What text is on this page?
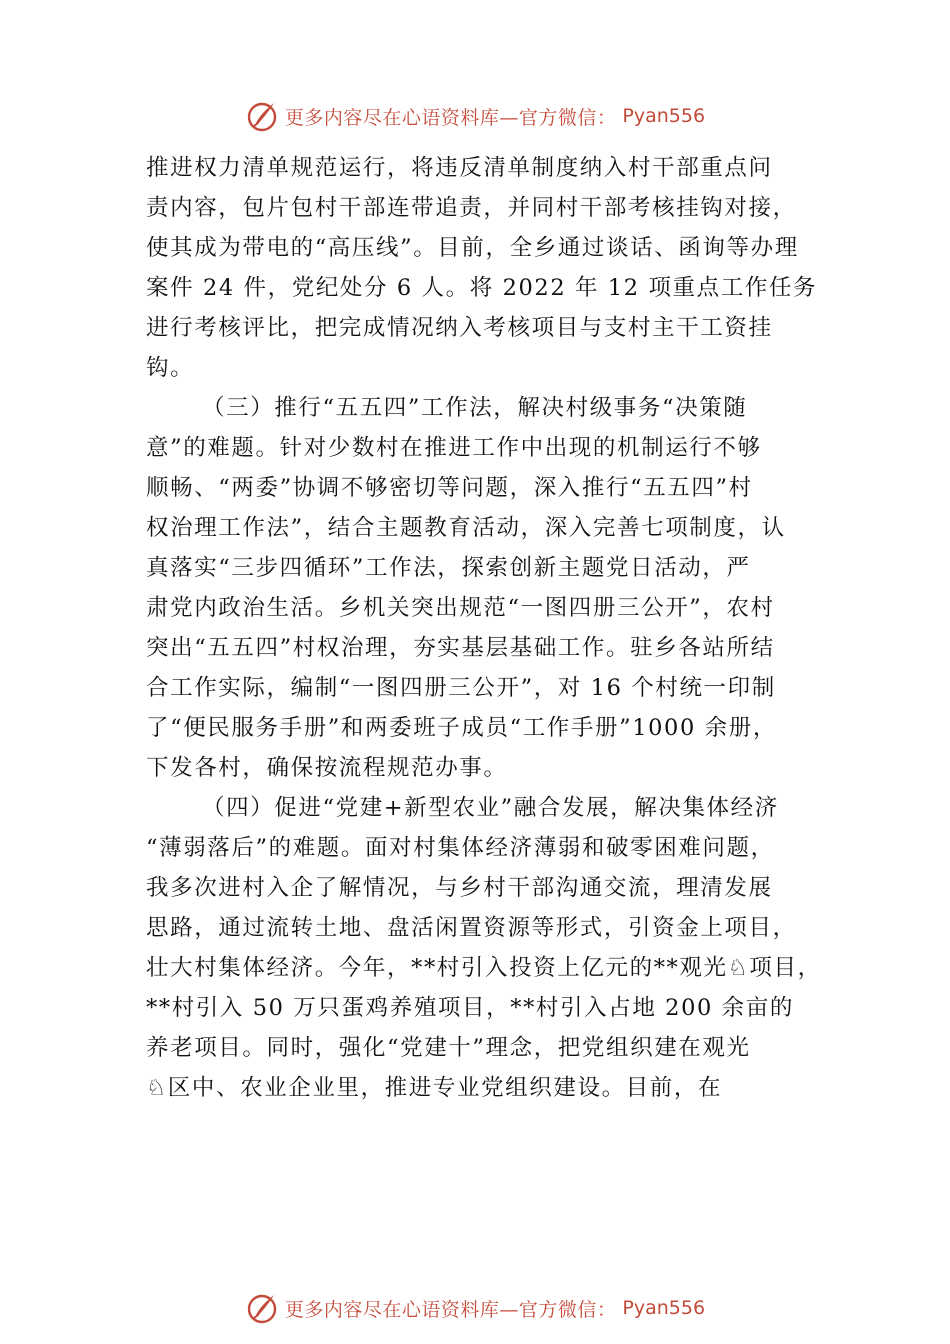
更多内容尽在心语资料库—官方微信： Pyan556
推进权力清单规范运行，将违反清单制度纳入村干部重点问
责内容，包片包村干部连带追责，并同村干部考核挂钩对接，
使其成为带电的“高压线”。目前，全乡通过谈话、函询等办理
案件 24 件，党纪处分 6 人。将 2022 年 12 项重点工作任务
进行考核评比，把完成情况纳入考核项目与支村主干工资挂
钩。
（三）推行“五五四”工作法，解决村级事务“决策随
意”的难题。针对少数村在推进工作中出现的机制运行不够
顺畅、“两委”协调不够密切等问题，深入推行“五五四”村
权治理工作法”，结合主题教育活动，深入完善七项制度，认
真落实“三步四循环”工作法，探索创新主题党日活动，严
肃党内政治生活。乡机关突出规范“一图四册三公开”，农村
突出“五五四”村权治理，夯实基层基础工作。驻乡各站所结
合工作实际，编制“一图四册三公开”，对 16 个村统一印制
了“便民服务手册”和两委班子成员“工作手册”1000 余册，
下发各村，确保按流程规范办事。
（四）促进“党建+新型农业”融合发展，解决集体经济
“薄弱落后”的难题。面对村集体经济薄弱和破零困难问题，
我多次进村入企了解情况，与乡村干部沟通交流，理清发展
思路，通过流转土地、盘活闲置资源等形式，引资金上项目，
壮大村集体经济。今年，**村引入投资上亿元的**观光♘项目，
**村引入 50 万只蛋鸡养殖项目，**村引入占地 200 余亩的
养老项目。同时，强化“党建十”理念，把党组织建在观光
♘区中、农业企业里，推进专业党组织建设。目前，在
更多内容尽在心语资料库—官方微信： Pyan556
